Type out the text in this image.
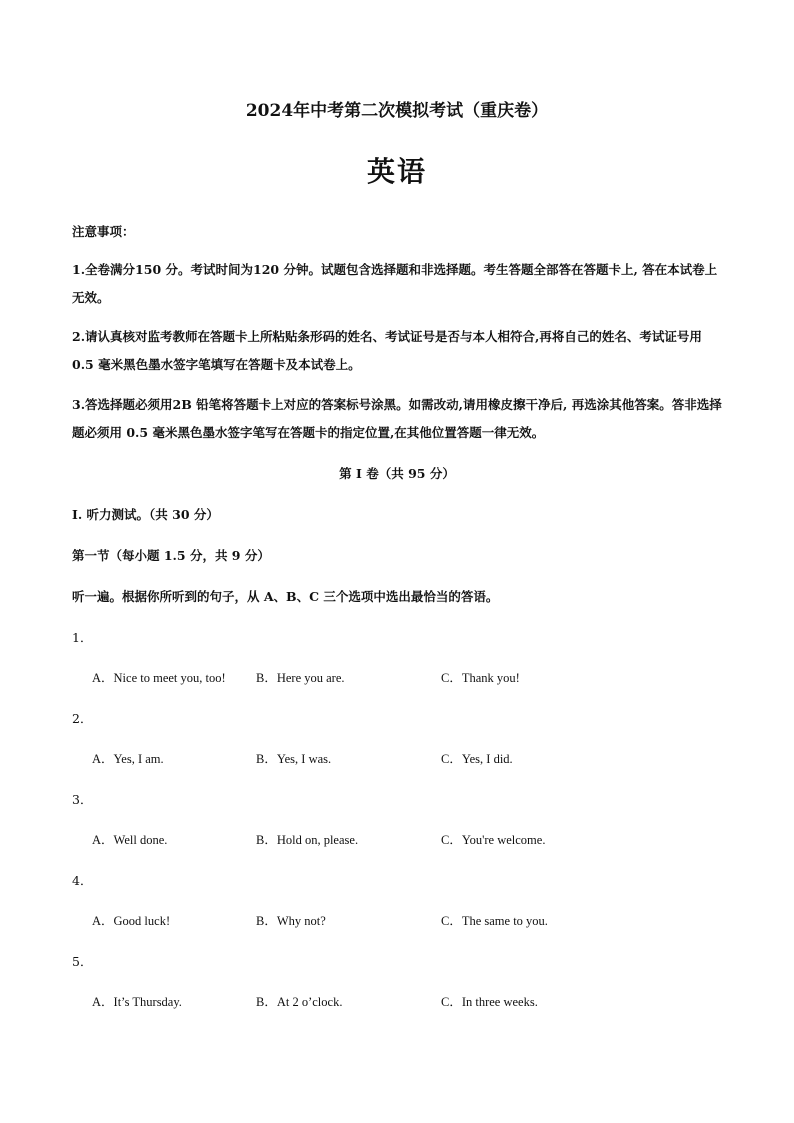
2024年中考第二次模拟考试（重庆卷）
英语
注意事项：
1.全卷满分150 分。考试时间为120 分钟。试题包含选择题和非选择题。考生答题全部答在答题卡上, 答在本试卷上无效。
2.请认真核对监考教师在答题卡上所粘贴条形码的姓名、考试证号是否与本人相符合,再将自己的姓名、考试证号用 0.5 毫米黑色墨水签字笔填写在答题卡及本试卷上。
3.答选择题必须用2B 铅笔将答题卡上对应的答案标号涂黑。如需改动,请用橡皮擦干净后, 再选涂其他答案。答非选择题必须用 0.5 毫米黑色墨水签字笔写在答题卡的指定位置,在其他位置答题一律无效。
第 I 卷（共 95 分）
Ⅰ. 听力测试。（共 30 分）
第一节（每小题 1.5 分，共 9 分）
听一遍。根据你所听到的句子，从 A、B、C 三个选项中选出最恰当的答语。
1．
A．Nice to meet you, too! B．Here you are.	C．Thank you!
2．
A．Yes, I am.	B．Yes, I was.	C．Yes, I did.
3．
A．Well done.	B．Hold on, please.	C．You're welcome.
4．
A．Good luck!	B．Why not?	C．The same to you.
5．
A．It’s Thursday.	B．At 2 o’clock.	C．In three weeks.
